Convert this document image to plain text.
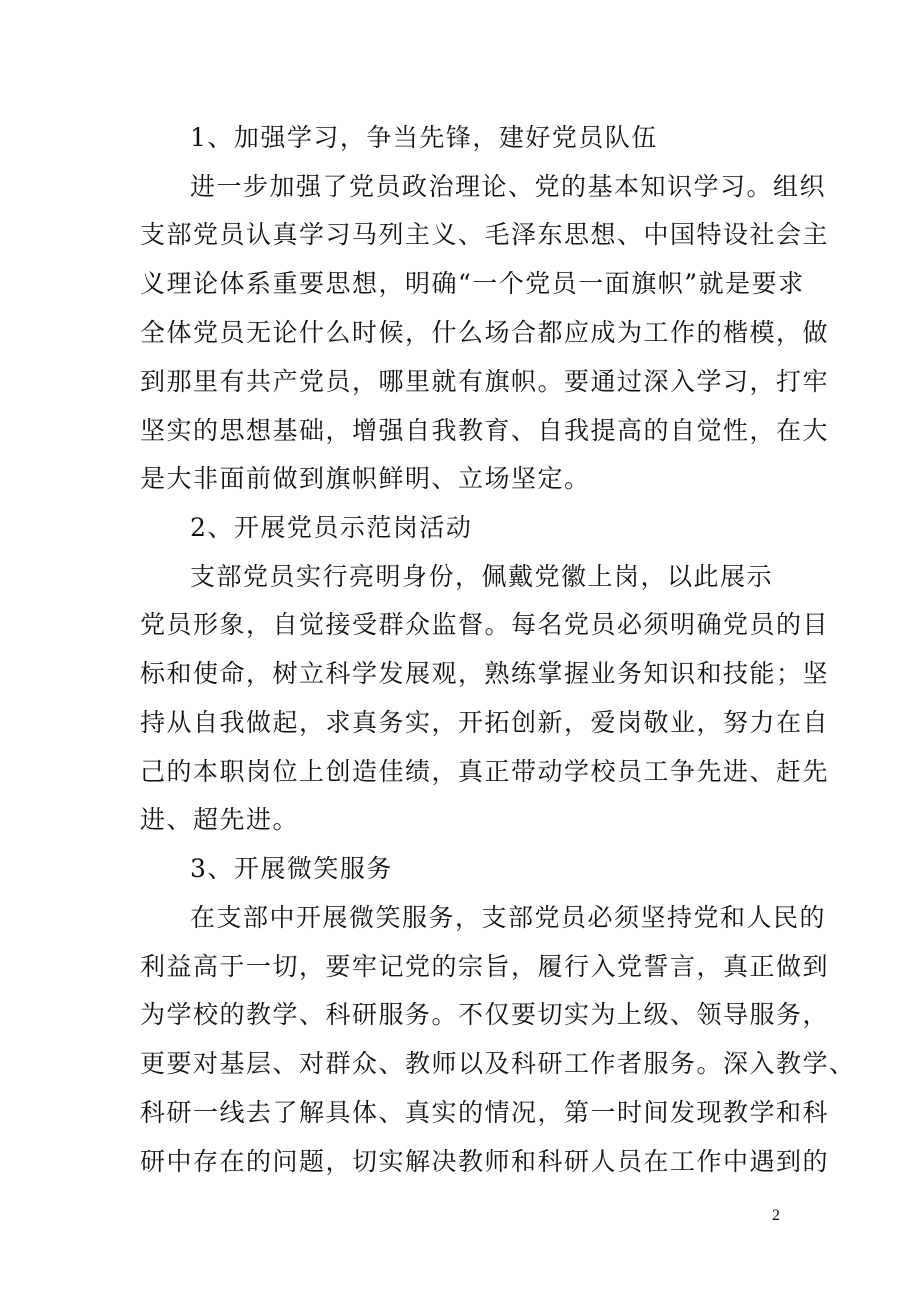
1、加强学习，争当先锋，建好党员队伍
进一步加强了党员政治理论、党的基本知识学习。组织
支部党员认真学习马列主义、毛泽东思想、中国特设社会主
义理论体系重要思想，明确“一个党员一面旗帜”就是要求
全体党员无论什么时候，什么场合都应成为工作的楷模，做
到那里有共产党员，哪里就有旗帜。要通过深入学习，打牢
坚实的思想基础，增强自我教育、自我提高的自觉性，在大
是大非面前做到旗帜鲜明、立场坚定。
2、开展党员示范岗活动
支部党员实行亮明身份，佩戴党徽上岗，以此展示
党员形象，自觉接受群众监督。每名党员必须明确党员的目
标和使命，树立科学发展观，熟练掌握业务知识和技能；坚
持从自我做起，求真务实，开拓创新，爱岗敬业，努力在自
己的本职岗位上创造佳绩，真正带动学校员工争先进、赶先
进、超先进。
3、开展微笑服务
在支部中开展微笑服务，支部党员必须坚持党和人民的
利益高于一切，要牢记党的宗旨，履行入党誓言，真正做到
为学校的教学、科研服务。不仅要切实为上级、领导服务，
更要对基层、对群众、教师以及科研工作者服务。深入教学、
科研一线去了解具体、真实的情况，第一时间发现教学和科
研中存在的问题，切实解决教师和科研人员在工作中遇到的
2
